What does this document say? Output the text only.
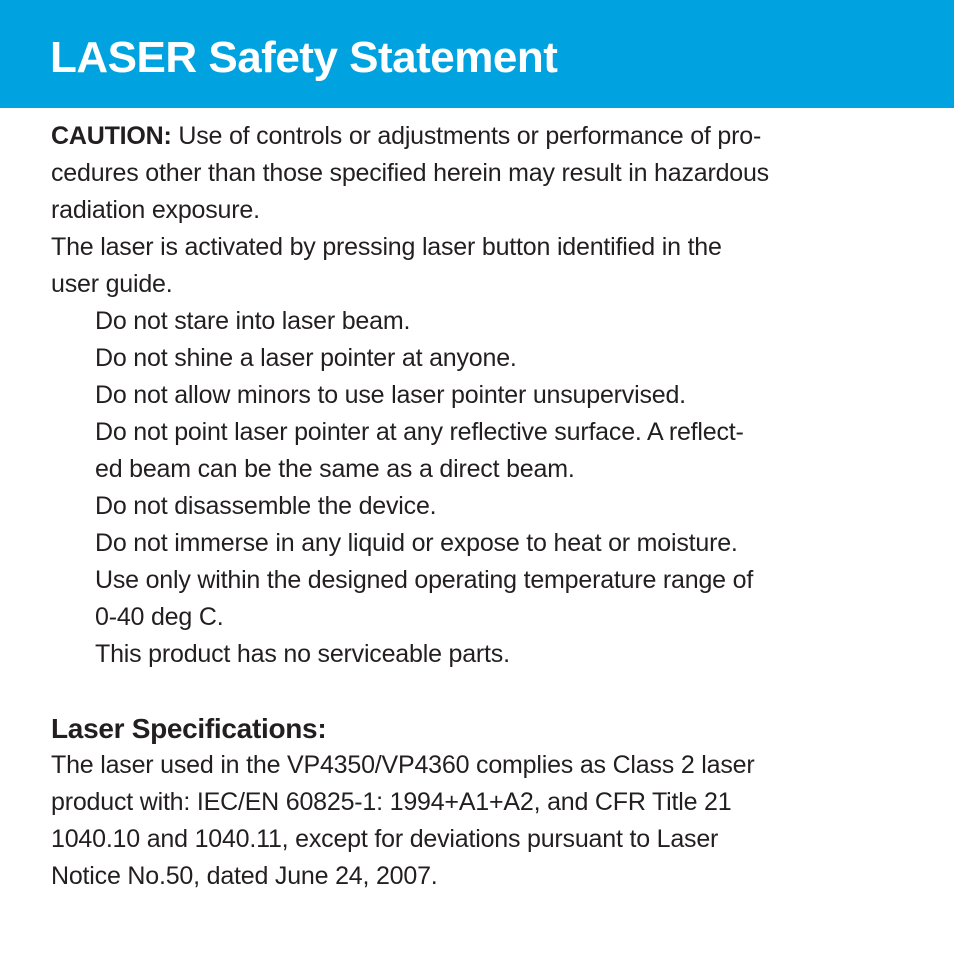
LASER Safety Statement
CAUTION: Use of controls or adjustments or performance of pro-
cedures other than those specified herein may result in hazardous
radiation exposure.
The laser is activated by pressing laser button identified in the
user guide.
Do not stare into laser beam.
Do not shine a laser pointer at anyone.
Do not allow minors to use laser pointer unsupervised.
Do not point laser pointer at any reflective surface. A reflect-
ed beam can be the same as a direct beam.
Do not disassemble the device.
Do not immerse in any liquid or expose to heat or moisture.
Use only within the designed operating temperature range of
0-40 deg C.
This product has no serviceable parts.
Laser Specifications:
The laser used in the VP4350/VP4360 complies as Class 2 laser
product with: IEC/EN 60825-1: 1994+A1+A2, and CFR Title 21
1040.10 and 1040.11, except for deviations pursuant to Laser
Notice No.50, dated June 24, 2007.
